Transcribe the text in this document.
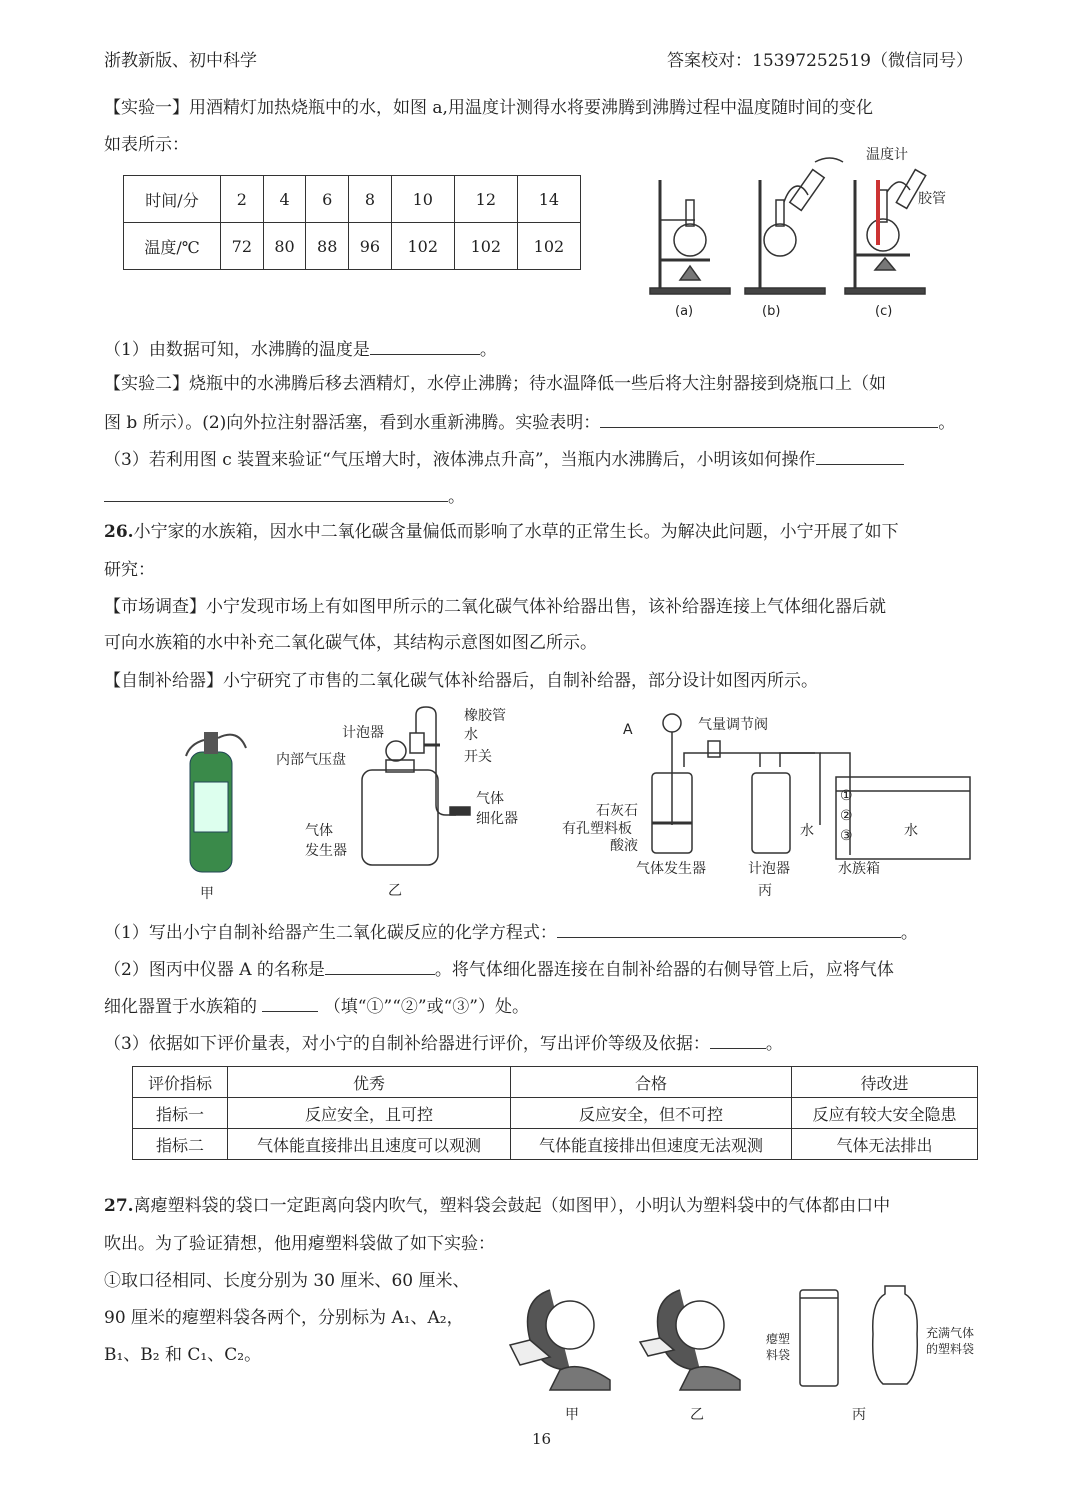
浙教新版、初中科学	答案校对：15397252519（微信同号）
【实验一】用酒精灯加热烧瓶中的水，如图 a,用温度计测得水将要沸腾到沸腾过程中温度随时间的变化
如表所示：
时间/分	2	4	6	8	10	12	14
温度/℃	72	80	88	96	102	102	102
温度计
胶管
(a)	(b)	(c)
（1）由数据可知，水沸腾的温度是	。
【实验二】烧瓶中的水沸腾后移去酒精灯，水停止沸腾；待水温降低一些后将大注射器接到烧瓶口上（如
图 b 所示）。(2)向外拉注射器活塞，看到水重新沸腾。实验表明：	。
（3）若利用图 c 装置来验证“气压增大时，液体沸点升高”，当瓶内水沸腾后，小明该如何操作
。
26.小宁家的水族箱，因水中二氧化碳含量偏低而影响了水草的正常生长。为解决此问题，小宁开展了如下
研究：
【市场调查】小宁发现市场上有如图甲所示的二氧化碳气体补给器出售，该补给器连接上气体细化器后就
可向水族箱的水中补充二氧化碳气体，其结构示意图如图乙所示。
【自制补给器】小宁研究了市售的二氧化碳气体补给器后，自制补给器，部分设计如图丙所示。
甲
橡胶管
计泡器	水
内部气压盘	开关
气体
细化器
气体
发生器
乙
A	气量调节阀
石灰石
有孔塑料板
酸液
水
①
②
③	水
气体发生器	计泡器	水族箱
丙
（1）写出小宁自制补给器产生二氧化碳反应的化学方程式：	。
（2）图丙中仪器 A 的名称是	。将气体细化器连接在自制补给器的右侧导管上后，应将气体
细化器置于水族箱的	（填“①”“②”或“③”）处。
（3）依据如下评价量表，对小宁的自制补给器进行评价，写出评价等级及依据：	。
评价指标	优秀	合格	待改进
指标一	反应安全，且可控	反应安全，但不可控	反应有较大安全隐患
指标二	气体能直接排出且速度可以观测	气体能直接排出但速度无法观测	气体无法排出
27.离瘪塑料袋的袋口一定距离向袋内吹气，塑料袋会鼓起（如图甲），小明认为塑料袋中的气体都由口中
吹出。为了验证猜想，他用瘪塑料袋做了如下实验：
①取口径相同、长度分别为 30 厘米、60 厘米、
90 厘米的瘪塑料袋各两个，分别标为 A₁、A₂，
B₁、B₂ 和 C₁、C₂。
瘪塑
料袋
充满气体
的塑料袋
甲	乙	丙
16
